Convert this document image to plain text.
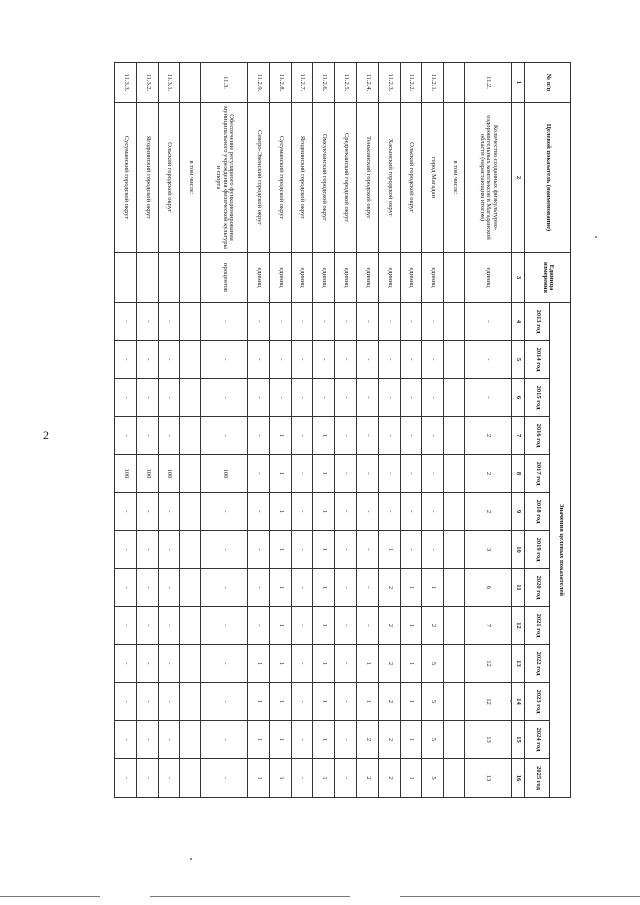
2
№ п/п	Целевой показатель (наименование)	Единица измерения	Значения целевых показателей												
			2013 год	2014 год	2015 год	2016 год	2017 год	2018 год	2019 год	2020 год	2021 год	2022 год	2023 год	2024 год	2025 год
1	2	3	4	5	6	7	8	9	10	11	12	13	14	15	16
11.2.	Количество созданных физкультурно-оздоровительных комплексов в Магаданской области (нарастающим итогом)	единиц	-	-	-	2	2	2	3	6	7	12	12	13	13
	в том числе:														
11.2.1.	город Магадан	единиц	-	-	-	-	-	-	-	1	2	5	5	5	5
11.2.2.	Ольский городской округ	единиц	-	-	-	-	-	-	-	1	1	1	1	1	1
11.2.3.	Хасынский городской округ	единиц	-	-	-	-	-	-	1	2	2	2	2	2	2
11.2.4.	Тенькинский городской округ	единиц	-	-	-	-	-	-	-	-	-	1	1	2	2
11.2.5.	Среднеканский городской округ	единиц	-	-	-	-	-	-	-	-	-	-	-	-	-
11.2.6.	Омсукчанский городской округ	единиц	-	-	-	1	1	1	1	1	1	1	1	1	1
11.2.7.	Ягоднинский городской округ	единиц	-	-	-	-	-	-	-	-	-	-	-	-	-
11.2.8.	Сусуманский городской округ	единиц	-	-	-	1	1	1	1	1	1	1	1	1	1
11.2.9.	Северо-Эвенский городской округ	единиц	-	-	-	-	-	-	-	-	-	1	1	1	1
11.3.	Обеспечение регулярного функционирования муниципального учреждения физической культуры и спорта	процентов	-	-	-	-	100	-	-	-	-	-	-	-	-
	в том числе:														
11.3.1.	Ольский городской округ		-	-	-	-	100	-	-	-	-	-	-	-	-
11.3.2.	Ягоднинский городской округ		-	-	-	-	100	-	-	-	-	-	-	-	-
11.3.3.	Сусуманский городской округ		-	-	-	-	100	-	-	-	-	-	-	-	-
